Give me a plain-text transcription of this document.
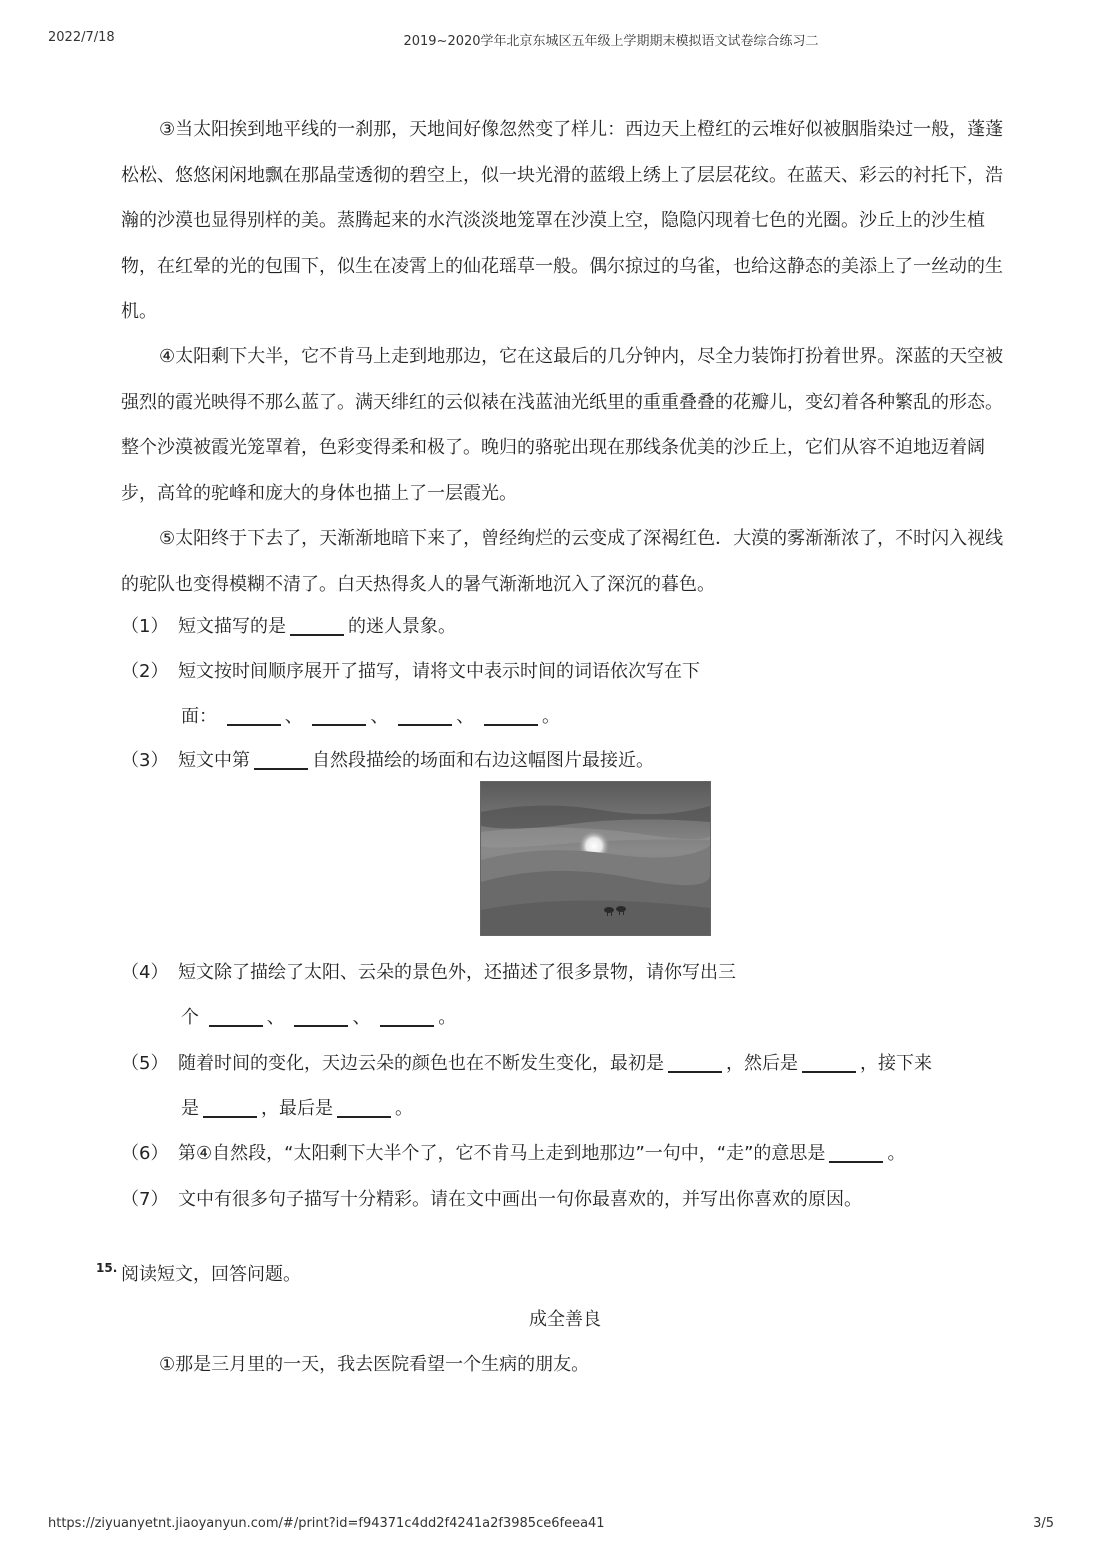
2022/7/18	2019~2020学年北京东城区五年级上学期期末模拟语文试卷综合练习二

③当太阳挨到地平线的一刹那，天地间好像忽然变了样儿：西边天上橙红的云堆好似被胭脂染过一般，蓬蓬松松、悠悠闲闲地飘在那晶莹透彻的碧空上，似一块光滑的蓝缎上绣上了层层花纹。在蓝天、彩云的衬托下，浩瀚的沙漠也显得别样的美。蒸腾起来的水汽淡淡地笼罩在沙漠上空，隐隐闪现着七色的光圈。沙丘上的沙生植物，在红晕的光的包围下，似生在凌霄上的仙花瑶草一般。偶尔掠过的乌雀，也给这静态的美添上了一丝动的生机。

④太阳剩下大半，它不肯马上走到地那边，它在这最后的几分钟内，尽全力装饰打扮着世界。深蓝的天空被强烈的霞光映得不那么蓝了。满天绯红的云似裱在浅蓝油光纸里的重重叠叠的花瓣儿，变幻着各种繁乱的形态。整个沙漠被霞光笼罩着，色彩变得柔和极了。晚归的骆驼出现在那线条优美的沙丘上，它们从容不迫地迈着阔步，高耸的驼峰和庞大的身体也描上了一层霞光。

⑤太阳终于下去了，天渐渐地暗下来了，曾经绚烂的云变成了深褐红色．大漠的雾渐渐浓了，不时闪入视线的驼队也变得模糊不清了。白天热得炙人的暑气渐渐地沉入了深沉的暮色。

（1） 短文描写的是	的迷人景象。
（2） 短文按时间顺序展开了描写，请将文中表示时间的词语依次写在下
面：	、	、	、	。
（3） 短文中第	自然段描绘的场面和右边这幅图片最接近。
（4） 短文除了描绘了太阳、云朵的景色外，还描述了很多景物，请你写出三
个	、	、	。
（5） 随着时间的变化，天边云朵的颜色也在不断发生变化，最初是	，然后是	，接下来
是	，最后是	。
（6） 第④自然段，“太阳剩下大半个了，它不肯马上走到地那边”一句中，“走”的意思是	。
（7） 文中有很多句子描写十分精彩。请在文中画出一句你最喜欢的，并写出你喜欢的原因。
15. 阅读短文，回答问题。
成全善良

①那是三月里的一天，我去医院看望一个生病的朋友。

https://ziyuanyetnt.jiaoyanyun.com/#/print?id=f94371c4dd2f4241a2f3985ce6feea41	3/5
